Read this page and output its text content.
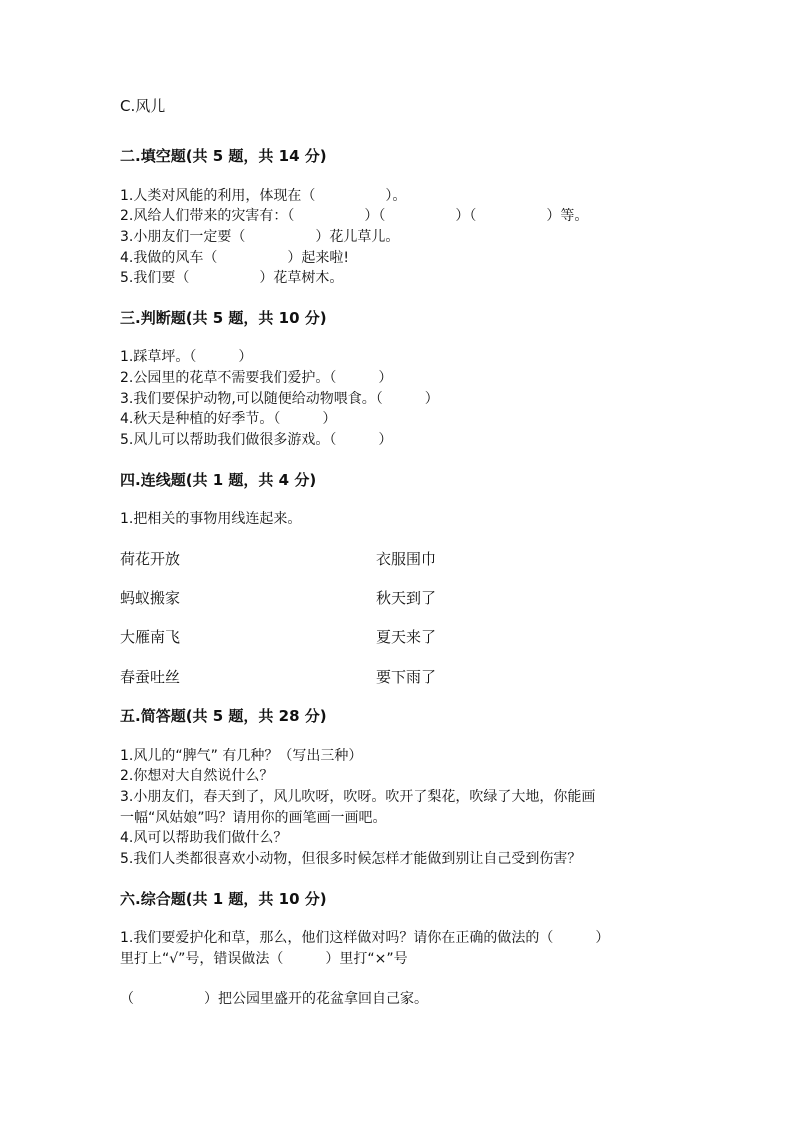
C.风儿
二.填空题(共 5 题，共 14 分)
1.人类对风能的利用，体现在（　　　　　）。
2.风给人们带来的灾害有：（　　　　　）（　　　　　）（　　　　　）等。
3.小朋友们一定要（　　　　　）花儿草儿。
4.我做的风车（　　　　　）起来啦!
5.我们要（　　　　　）花草树木。
三.判断题(共 5 题，共 10 分)
1.踩草坪。（　　　）
2.公园里的花草不需要我们爱护。（　　　）
3.我们要保护动物,可以随便给动物喂食。（　　　）
4.秋天是种植的好季节。（　　　）
5.风儿可以帮助我们做很多游戏。（　　　）
四.连线题(共 1 题，共 4 分)
1.把相关的事物用线连起来。
荷花开放	衣服围巾
蚂蚁搬家	秋天到了
大雁南飞	夏天来了
春蚕吐丝	要下雨了
五.简答题(共 5 题，共 28 分)
1.风儿的“脾气” 有几种？（写出三种）
2.你想对大自然说什么？
3.小朋友们，春天到了，风儿吹呀，吹呀。吹开了梨花，吹绿了大地，你能画
一幅“风姑娘”吗？请用你的画笔画一画吧。
4.风可以帮助我们做什么？
5.我们人类都很喜欢小动物，但很多时候怎样才能做到别让自己受到伤害？
六.综合题(共 1 题，共 10 分)
1.我们要爱护化和草，那么，他们这样做对吗？请你在正确的做法的（　　　）
里打上“√”号，错误做法（　　　）里打“×”号
（　　　　　）把公园里盛开的花盆拿回自己家。
